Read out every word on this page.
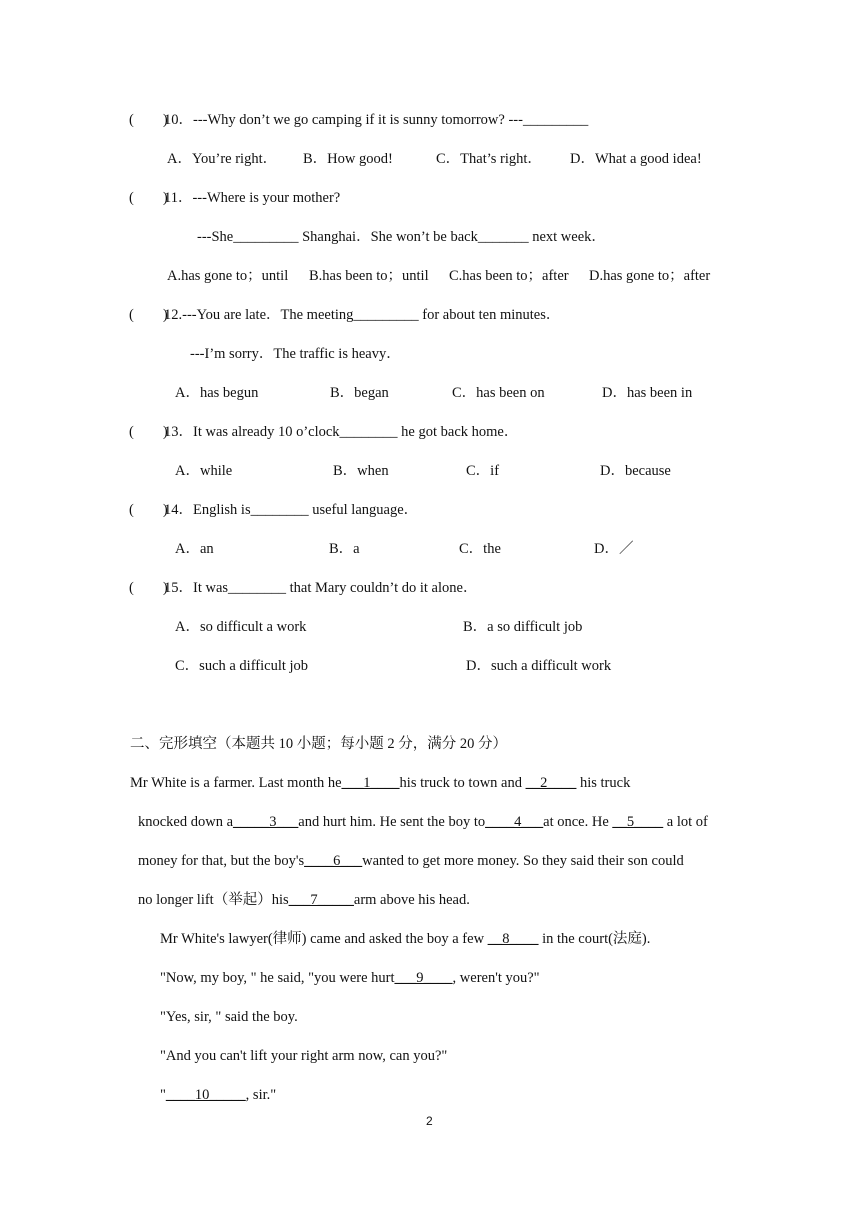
(        )
10．---Why don’t we go camping if it is sunny tomorrow? ---_________
A．You’re right． B．How good!	C．That’s right． D．What a good idea!
(        )
11．---Where is your mother?
---She_________ Shanghai．She won’t be back_______ next week．
A.has gone to；until B.has been to；until C.has been to；after D.has gone to；after
(        )
12.---You are late．The meeting_________ for about ten minutes．
---I’m sorry．The traffic is heavy．
A．has begun	B．began	C．has been on	D．has been in
(        )
13．It was already 10 o’clock________ he got back home．
A．while	B．when	C．if	D．because
(        )
14．English is________ useful language．
A．an	B．a	C．the	D．／
(        )
15．It was________ that Mary couldn’t do it alone．
A．so difficult a work	B．a so difficult job
C．such a difficult job	D．such a difficult work
二、完形填空（本题共 10 小题；每小题 2 分，满分 20 分）
Mr White is a farmer. Last month he___1____his truck to town and __2____ his truck
knocked down a_____3___and hurt him. He sent the boy to____4___at once. He __5____ a lot of
money for that, but the boy's____6___wanted to get more money. So they said their son could
no longer lift（举起）his___7_____arm above his head.
Mr White's lawyer(律师) came and asked the boy a few __8____ in the court(法庭).
"Now, my boy, " he said, "you were hurt___9____, weren't you?"
"Yes, sir, " said the boy.
"And you can't lift your right arm now, can you?"
"____10_____, sir."
2
